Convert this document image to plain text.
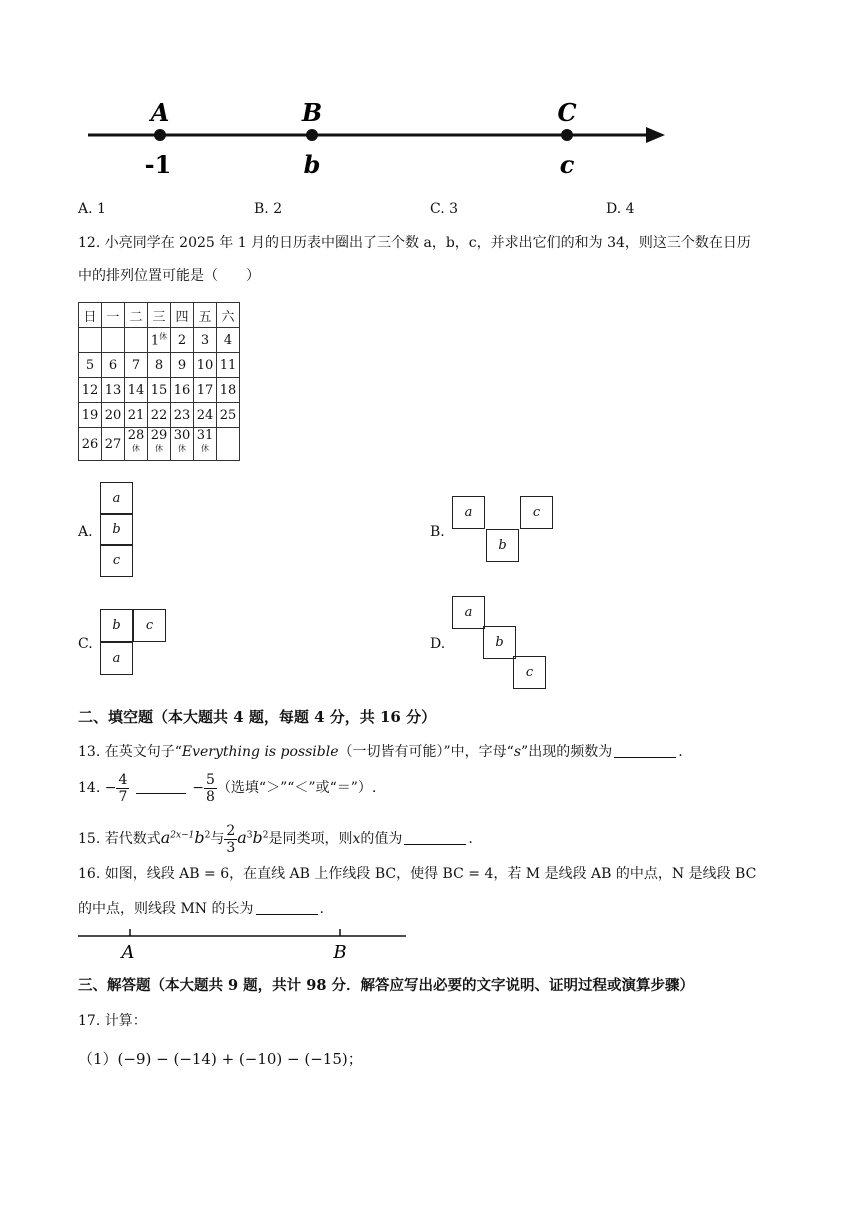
A	B	C
-1	b	c
A. 1	B. 2	C. 3	D. 4
12. 小亮同学在 2025 年 1 月的日历表中圈出了三个数 a，b，c，并求出它们的和为 34，则这三个数在日历
中的排列位置可能是（　　）
日	一	二	三	四	五	六
			$1^休$	2	3	4
5	6	7	8	9	10	11
12	13	14	15	16	17	18
19	20	21	22	23	24	25
26	27	$28^休$	$29^休$	$30^休$	$31^休$	
A.
a
b
c
B.
a	c
b
C.
b	c
a
D.
a
b
c
二、填空题（本大题共 4 题，每题 4 分，共 16 分）
13. 在英文句子“Everything is possible（一切皆有可能）”中，字母“s”出现的频数为	.
14. − $\frac{4}{7}$	− $\frac{5}{8}$ （选填“＞”“＜”或“＝”）.
15. 若代数式$a^{2x-1}b^2$与 $\frac{2}{3} a^3b^2$是同类项，则x的值为	.
16. 如图，线段 AB = 6，在直线 AB 上作线段 BC，使得 BC = 4，若 M 是线段 AB 的中点，N 是线段 BC
的中点，则线段 MN 的长为	.
A	B
三、解答题（本大题共 9 题，共计 98 分．解答应写出必要的文字说明、证明过程或演算步骤）
17. 计算：
（1）(−9) − (−14) + (−10) − (−15)；
